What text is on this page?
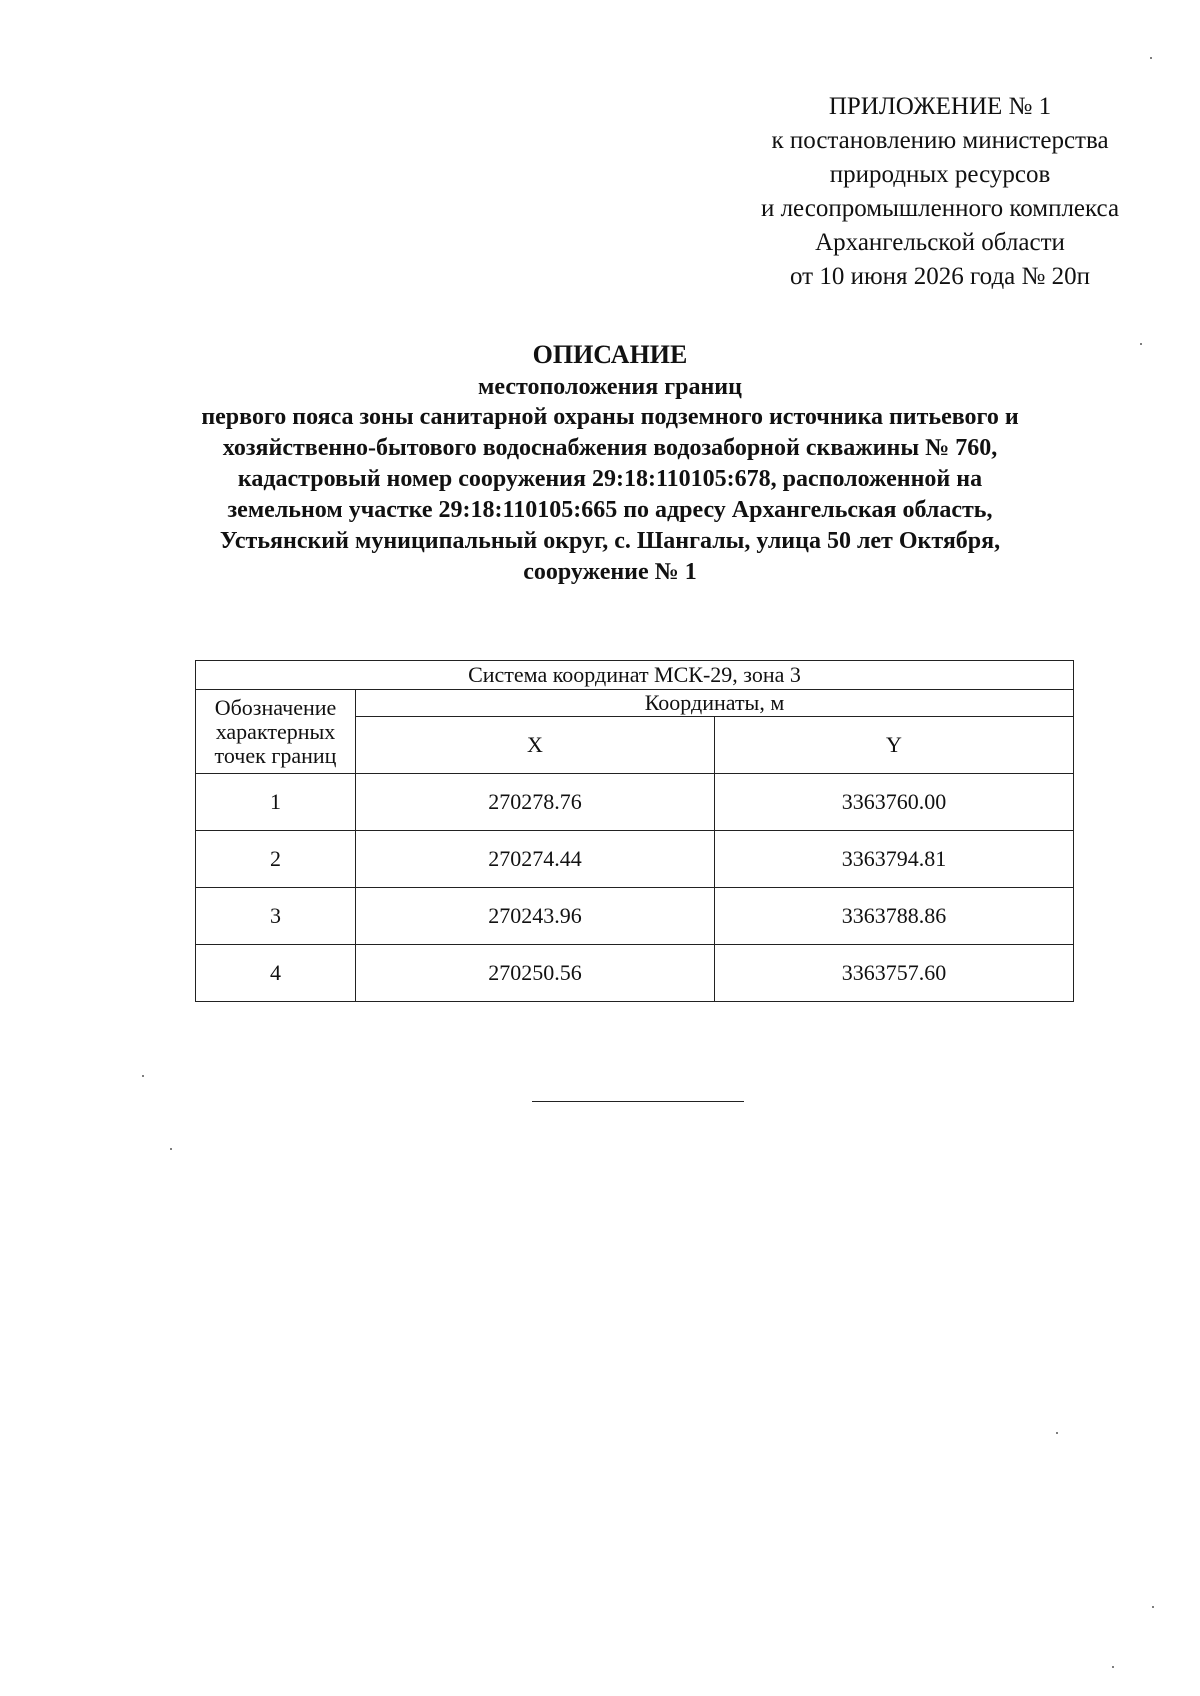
ПРИЛОЖЕНИЕ № 1
к постановлению министерства
природных ресурсов
и лесопромышленного комплекса
Архангельской области
от 10 июня 2026 года № 20п
ОПИСАНИЕ
местоположения границ
первого пояса зоны санитарной охраны подземного источника питьевого и
хозяйственно-бытового водоснабжения водозаборной скважины № 760,
кадастровый номер сооружения 29:18:110105:678, расположенной на
земельном участке 29:18:110105:665 по адресу Архангельская область,
Устьянский муниципальный округ, с. Шангалы, улица 50 лет Октября,
сооружение № 1
Система координат МСК-29, зона 3		
Обозначение
характерных
точек границ	Координаты, м	
	X	Y
1	270278.76	3363760.00
2	270274.44	3363794.81
3	270243.96	3363788.86
4	270250.56	3363757.60
